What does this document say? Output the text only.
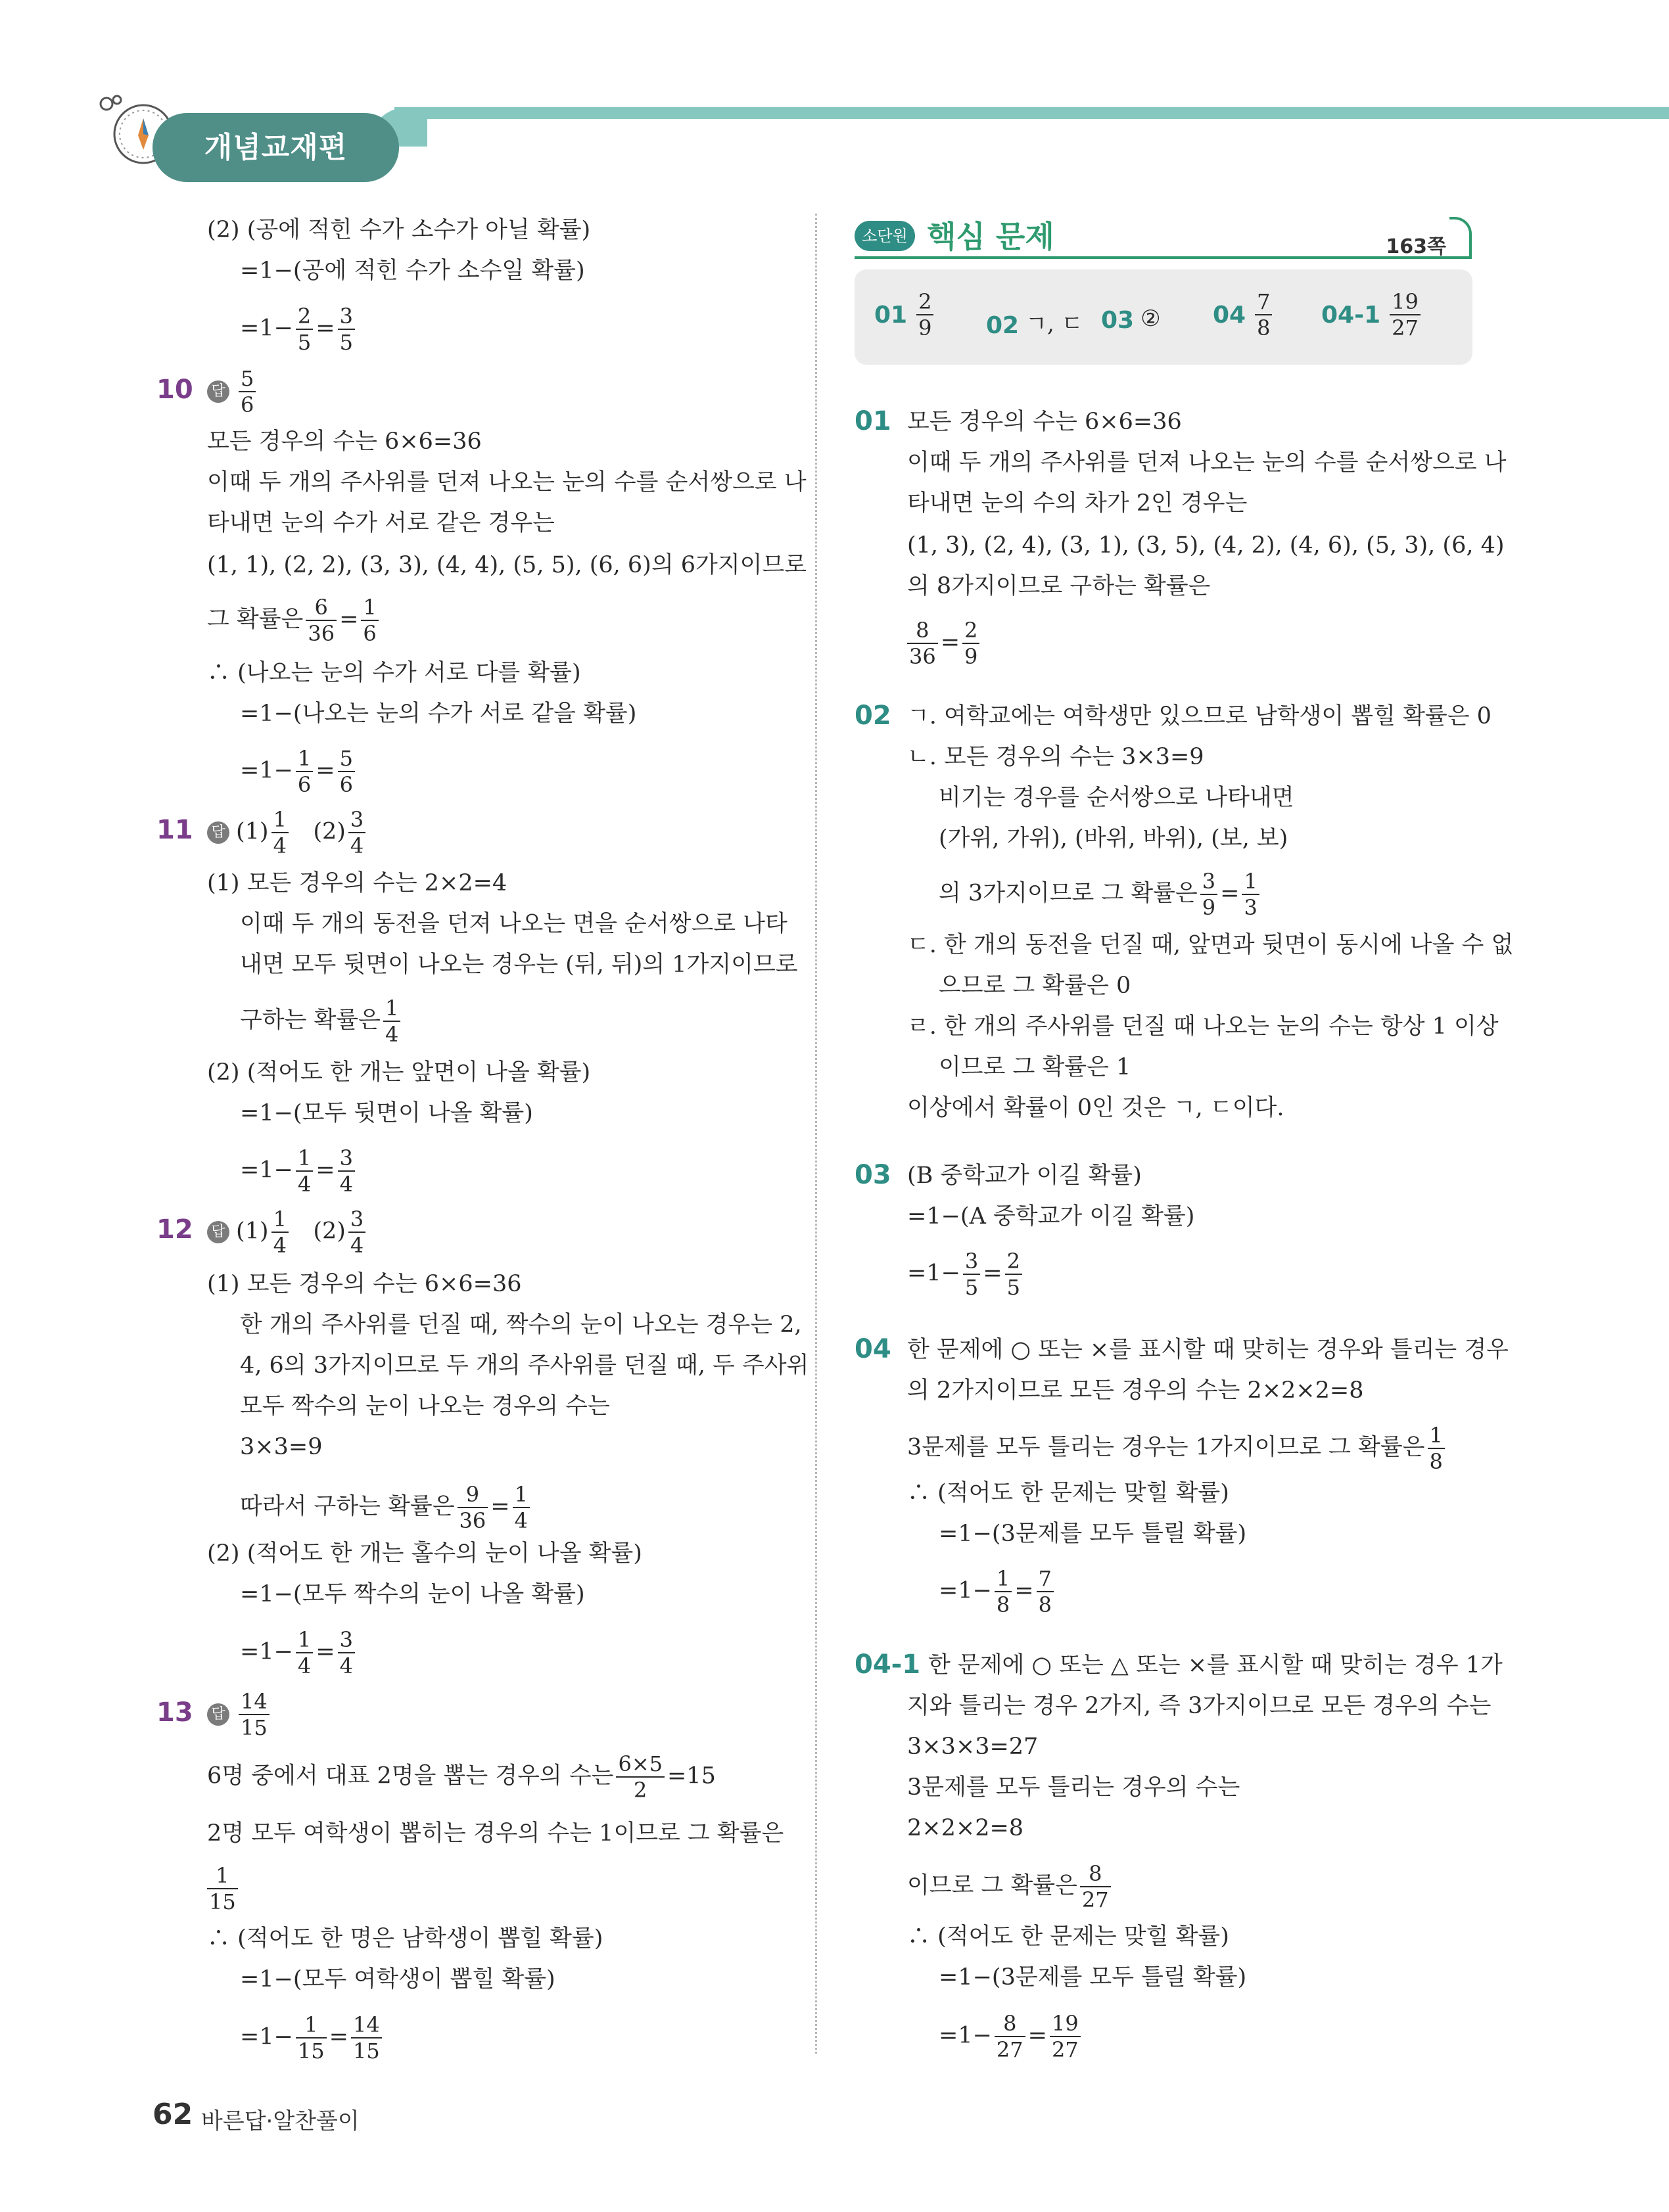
개념교재편
(2) (공에 적힌 수가 소수가 아닐 확률)
=1−(공에 적힌 수가 소수일 확률)
$=1- \frac{2}{5} = \frac{3}{5}$
10 답 $\frac{5}{6}$
모든 경우의 수는 6×6=36
이때 두 개의 주사위를 던져 나오는 눈의 수를 순서쌍으로 나
타내면 눈의 수가 서로 같은 경우는
(1, 1), (2, 2), (3, 3), (4, 4), (5, 5), (6, 6)의 6가지이므로
그 확률은 $\frac{6}{36} = \frac{1}{6}$
∴ (나오는 눈의 수가 서로 다를 확률)
=1−(나오는 눈의 수가 서로 같을 확률)
$=1- \frac{1}{6} = \frac{5}{6}$
11 답 $(1) \frac{1}{4} (2) \frac{3}{4}$
(1) 모든 경우의 수는 2×2=4
이때 두 개의 동전을 던져 나오는 면을 순서쌍으로 나타
내면 모두 뒷면이 나오는 경우는 (뒤, 뒤)의 1가지이므로
구하는 확률은 $\frac{1}{4}$
(2) (적어도 한 개는 앞면이 나올 확률)
=1−(모두 뒷면이 나올 확률)
$=1- \frac{1}{4} = \frac{3}{4}$
12 답 $(1) \frac{1}{4} (2) \frac{3}{4}$
(1) 모든 경우의 수는 6×6=36
한 개의 주사위를 던질 때, 짝수의 눈이 나오는 경우는 2,
4, 6의 3가지이므로 두 개의 주사위를 던질 때, 두 주사위
모두 짝수의 눈이 나오는 경우의 수는
3×3=9
따라서 구하는 확률은 $\frac{9}{36} = \frac{1}{4}$
(2) (적어도 한 개는 홀수의 눈이 나올 확률)
=1−(모두 짝수의 눈이 나올 확률)
$=1- \frac{1}{4} = \frac{3}{4}$
13 답 $\frac{14}{15}$
6명 중에서 대표 2명을 뽑는 경우의 수는 $\frac{6\times 5}{2} =15$
2명 모두 여학생이 뽑히는 경우의 수는 1이므로 그 확률은
$\frac{1}{15}$
∴ (적어도 한 명은 남학생이 뽑힐 확률)
=1−(모두 여학생이 뽑힐 확률)
$=1- \frac{1}{15} = \frac{14}{15}$
소단원 핵심 문제	163쪽
$01 \frac{2}{9} 02$ ㄱ, ㄷ 03 ② $04 \frac{7}{8} 04-1 \frac{19}{27}$
01 모든 경우의 수는 6×6=36
이때 두 개의 주사위를 던져 나오는 눈의 수를 순서쌍으로 나
타내면 눈의 수의 차가 2인 경우는
(1, 3), (2, 4), (3, 1), (3, 5), (4, 2), (4, 6), (5, 3), (6, 4)
의 8가지이므로 구하는 확률은
$\frac{8}{36} = \frac{2}{9}$
02 ㄱ. 여학교에는 여학생만 있으므로 남학생이 뽑힐 확률은 0
ㄴ. 모든 경우의 수는 3×3=9
비기는 경우를 순서쌍으로 나타내면
(가위, 가위), (바위, 바위), (보, 보)
의 3가지이므로 그 확률은 $\frac{3}{9} = \frac{1}{3}$
ㄷ. 한 개의 동전을 던질 때, 앞면과 뒷면이 동시에 나올 수 없
으므로 그 확률은 0
ㄹ. 한 개의 주사위를 던질 때 나오는 눈의 수는 항상 1 이상
이므로 그 확률은 1
이상에서 확률이 0인 것은 ㄱ, ㄷ이다.
03 (B 중학교가 이길 확률)
=1−(A 중학교가 이길 확률)
$=1- \frac{3}{5} = \frac{2}{5}$
04 한 문제에 ○ 또는 ×를 표시할 때 맞히는 경우와 틀리는 경우
의 2가지이므로 모든 경우의 수는 2×2×2=8
3문제를 모두 틀리는 경우는 1가지이므로 그 확률은 $\frac{1}{8}$
∴ (적어도 한 문제는 맞힐 확률)
=1−(3문제를 모두 틀릴 확률)
$=1- \frac{1}{8} = \frac{7}{8}$
04-1 한 문제에 ○ 또는 △ 또는 ×를 표시할 때 맞히는 경우 1가
지와 틀리는 경우 2가지, 즉 3가지이므로 모든 경우의 수는
3×3×3=27
3문제를 모두 틀리는 경우의 수는
2×2×2=8
이므로 그 확률은 $\frac{8}{27}$
∴ (적어도 한 문제는 맞힐 확률)
=1−(3문제를 모두 틀릴 확률)
$=1- \frac{8}{27} = \frac{19}{27}$
62 바른답·알찬풀이
